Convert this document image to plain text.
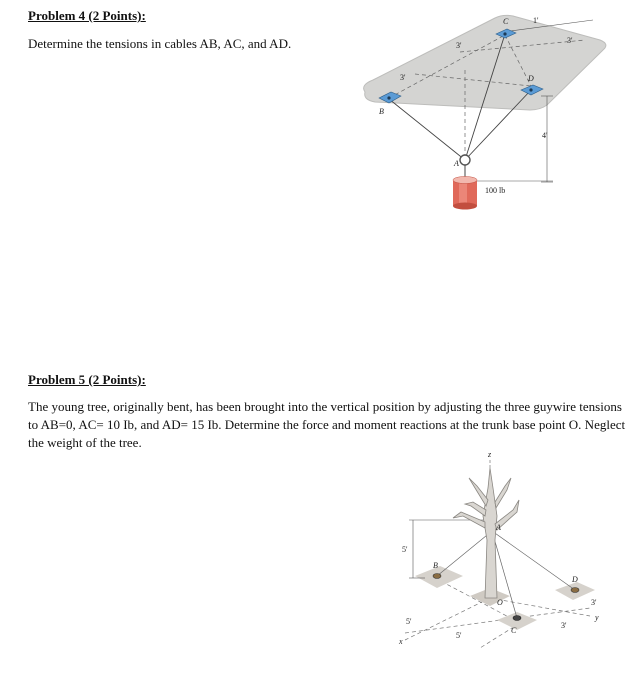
Problem 4 (2 Points):
Determine the tensions in cables AB, AC, and AD.
B
C
D
A
3'
3'
1'
3'
4'
100 lb
Problem 5 (2 Points):
The young tree, originally bent, has been brought into the vertical position by adjusting the three guywire tensions to AB=0, AC= 10 Ib, and AD= 15 Ib. Determine the force and moment reactions at the trunk base point O. Neglect the weight of the tree.
z
A
B
D
O
C
x
y
5'
5'
5'
3'
3'
